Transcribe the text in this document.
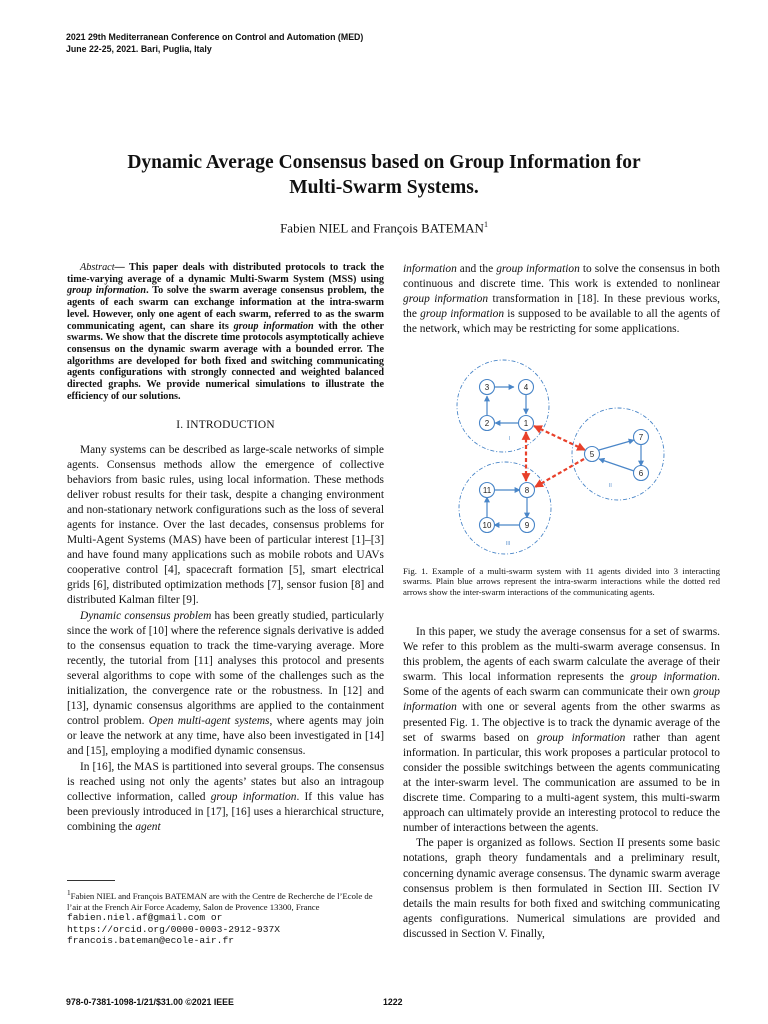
2021 29th Mediterranean Conference on Control and Automation (MED)
June 22-25, 2021. Bari, Puglia, Italy
Dynamic Average Consensus based on Group Information for
Multi-Swarm Systems.
Fabien NIEL and François BATEMAN$^1$

Abstract— This paper deals with distributed protocols to track the time-varying average of a dynamic Multi-Swarm System (MSS) using group information. To solve the swarm average consensus problem, the agents of each swarm can exchange information at the intra-swarm level. However, only one agent of each swarm, referred to as the swarm communicating agent, can share its group information with the other swarms. We show that the discrete time protocols asymptotically achieve consensus on the dynamic swarm average with a bounded error. The algorithms are developed for both fixed and switching communicating agents configurations with strongly connected and weighted balanced directed graphs. We provide numerical simulations to illustrate the efficiency of our solutions.

I. INTRODUCTION

Many systems can be described as large-scale networks of simple agents. Consensus methods allow the emergence of collective behaviors from basic rules, using local information. These methods deliver robust results for their task, despite a changing environment and non-stationary network configurations such as the loss of several agents for instance. Over the last decades, consensus problems for Multi-Agent Systems (MAS) have been of particular interest [1]–[3] and have found many applications such as mobile robots and UAVs cooperative control [4], spacecraft formation [5], smart electrical grids [6], distributed optimization methods [7], sensor fusion [8] and distributed Kalman filter [9].

Dynamic consensus problem has been greatly studied, particularly since the work of [10] where the reference signals derivative is added to the consensus equation to track the time-varying average. More recently, the tutorial from [11] analyses this protocol and presents several algorithms to cope with some of the challenges such as the initialization, the convergence rate or the robustness. In [12] and [13], dynamic consensus algorithms are applied to the containment control problem. Open multi-agent systems, where agents may join or leave the network at any time, have also been investigated in [14] and [15], employing a modified dynamic consensus.

In [16], the MAS is partitioned into several groups. The consensus is reached using not only the agents’ states but also an intragoup collective information, called group information. If this value has been previously introduced in [17], [16] uses a hierarchical structure, combining the agent

$^1$Fabien NIEL and François BATEMAN are with the Centre de Recherche de l’Ecole de l’air at the French Air Force Academy, Salon de Provence 13300, France
fabien.niel.af@gmail.com or
https://orcid.org/0000-0003-2912-937X
francois.bateman@ecole-air.fr

information and the group information to solve the consensus in both continuous and discrete time. This work is extended to nonlinear group information transformation in [18]. In these previous works, the group information is supposed to be available to all the agents of the network, which may be restricting for some applications.

I
II
III
3	4
2	1
5
7
6
11	8
10	9
Fig. 1. Example of a multi-swarm system with 11 agents divided into 3 interacting swarms. Plain blue arrows represent the intra-swarm interactions while the dotted red arrows show the inter-swarm interactions of the communicating agents.

In this paper, we study the average consensus for a set of swarms. We refer to this problem as the multi-swarm average consensus. In this problem, the agents of each swarm calculate the average of their swarm. This local information represents the group information. Some of the agents of each swarm can communicate their own group information with one or several agents from the other swarms as presented Fig. 1. The objective is to track the dynamic average of the set of swarms based on group information rather than agent information. In particular, this work proposes a particular protocol to consider the possible switchings between the agents communicating at the inter-swarm level. The communication are assumed to be in discrete time. Comparing to a multi-agent system, this multi-swarm approach can ultimately provide an interesting protocol to reduce the number of interactions between the agents.

The paper is organized as follows. Section II presents some basic notations, graph theory fundamentals and a preliminary result, concerning dynamic average consensus. The dynamic swarm average consensus problem is then formulated in Section III. Section IV details the main results for both fixed and switching communicating agents configurations. Numerical simulations are provided and discussed in Section V. Finally,

978-0-7381-1098-1/21/$31.00 ©2021 IEEE	1222
